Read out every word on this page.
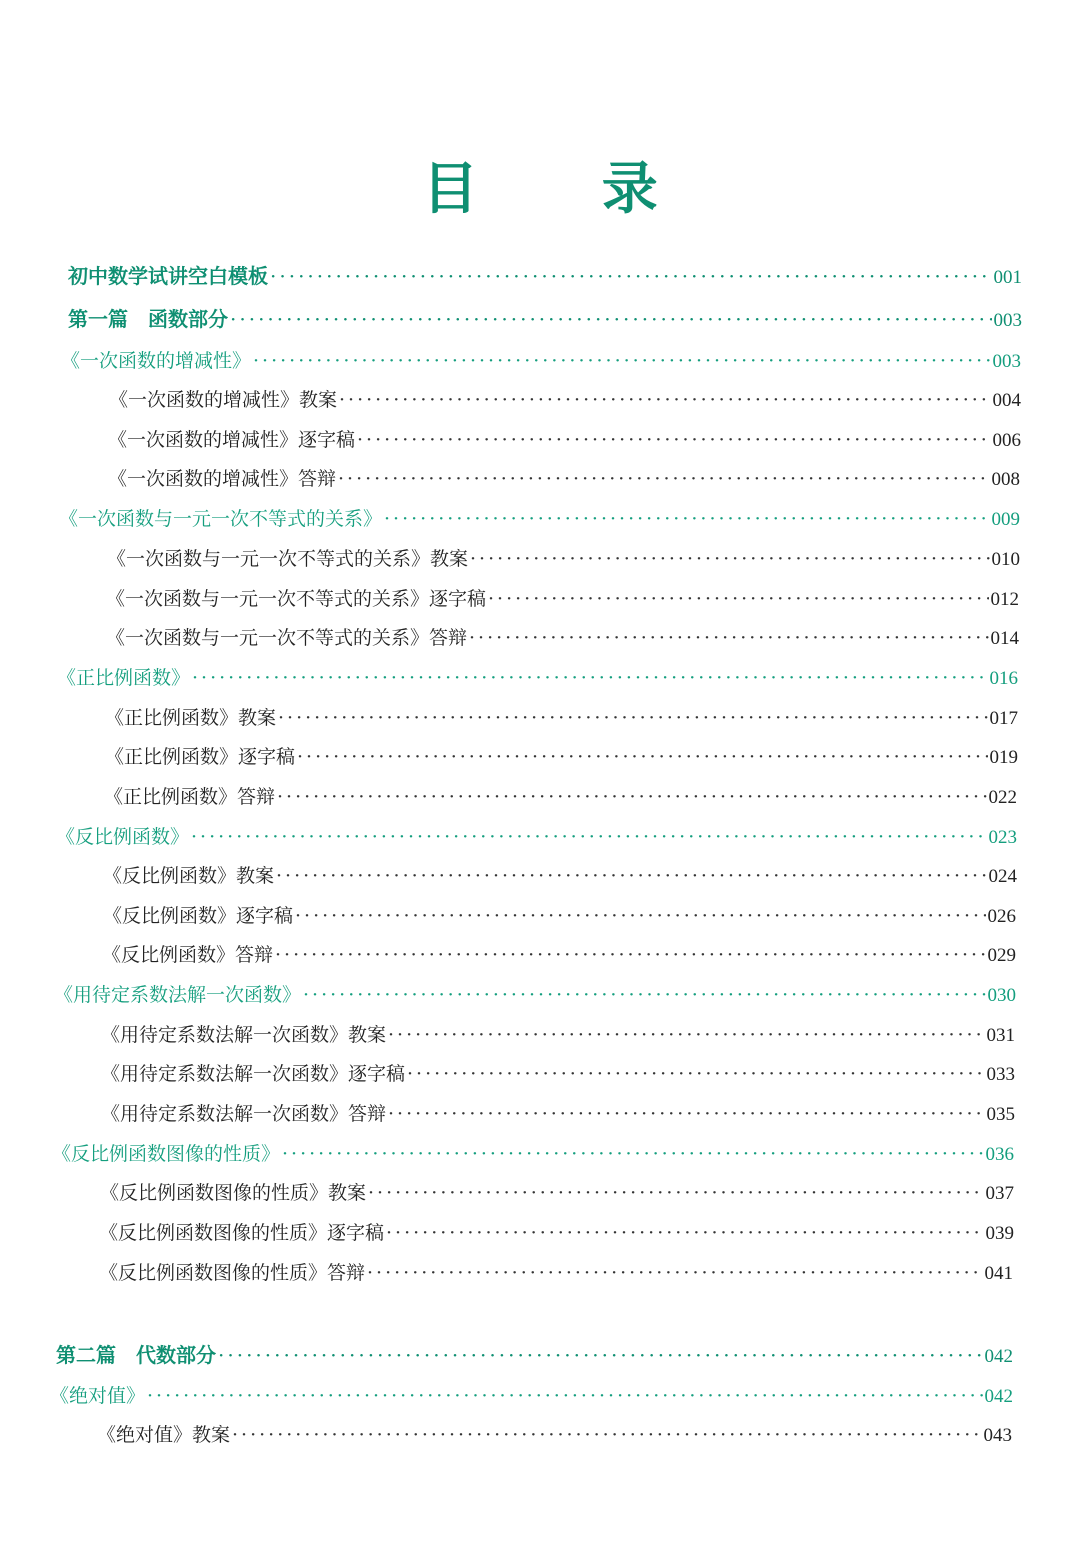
目 录
初中数学试讲空白模板 ·····	001
第一篇　函数部分 ·····	003
《一次函数的增减性》 ·····	003
《一次函数的增减性》教案 ·····	004
《一次函数的增减性》逐字稿 ·····	006
《一次函数的增减性》答辩 ·····	008
《一次函数与一元一次不等式的关系》 ·····	009
《一次函数与一元一次不等式的关系》教案 ·····	010
《一次函数与一元一次不等式的关系》逐字稿 ·····	012
《一次函数与一元一次不等式的关系》答辩 ·····	014
《正比例函数》 ·····	016
《正比例函数》教案 ·····	017
《正比例函数》逐字稿 ·····	019
《正比例函数》答辩 ·····	022
《反比例函数》 ·····	023
《反比例函数》教案 ·····	024
《反比例函数》逐字稿 ·····	026
《反比例函数》答辩 ·····	029
《用待定系数法解一次函数》 ·····	030
《用待定系数法解一次函数》教案 ·····	031
《用待定系数法解一次函数》逐字稿 ·····	033
《用待定系数法解一次函数》答辩 ·····	035
《反比例函数图像的性质》 ·····	036
《反比例函数图像的性质》教案 ·····	037
《反比例函数图像的性质》逐字稿 ·····	039
《反比例函数图像的性质》答辩 ·····	041
第二篇　代数部分 ·····	042
《绝对值》 ·····	042
《绝对值》教案 ·····	043
